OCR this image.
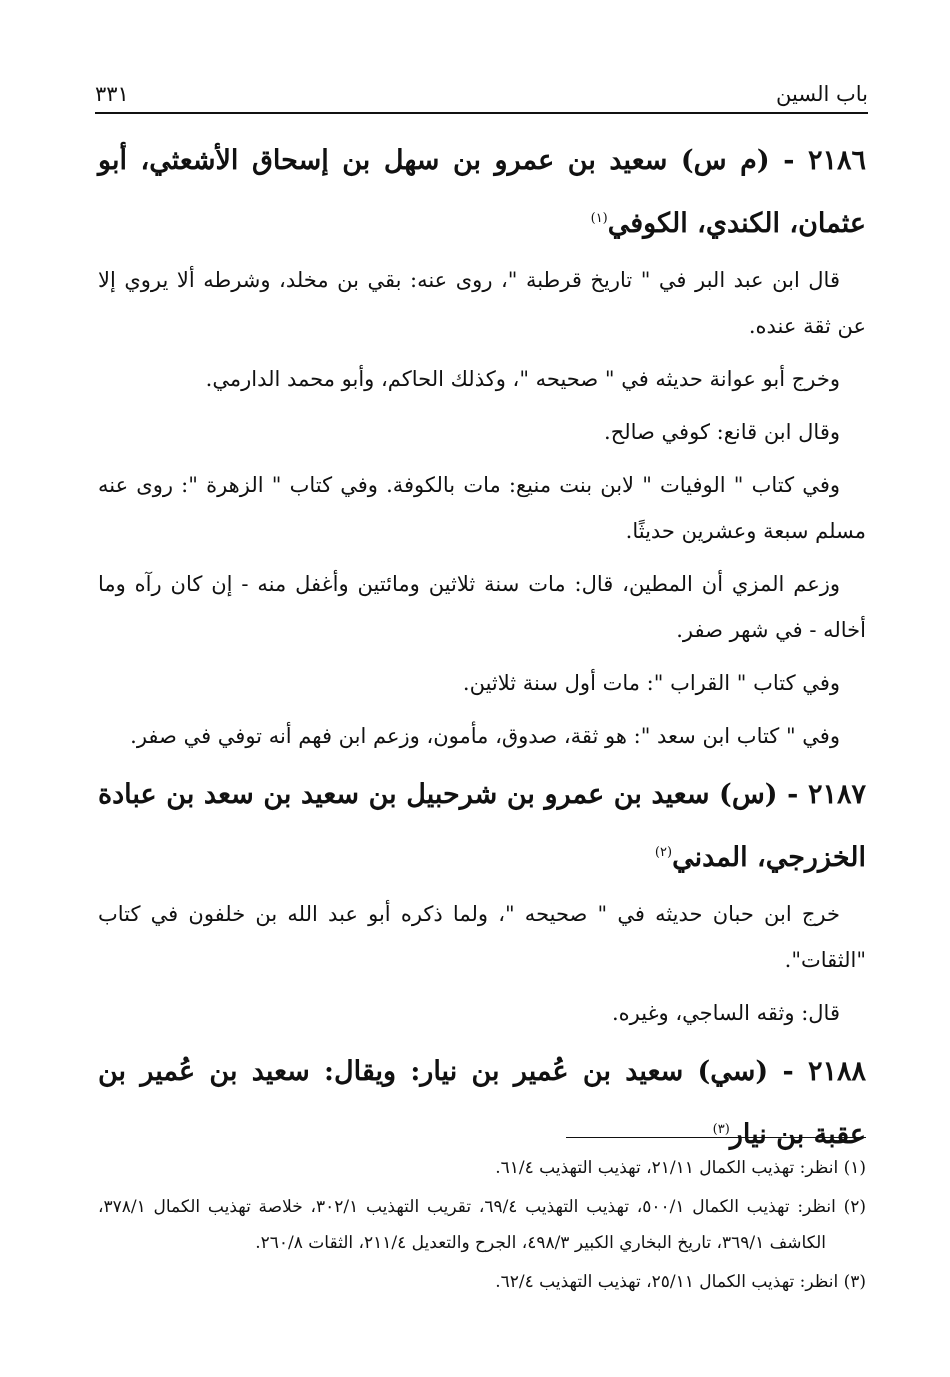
باب السين
٣٣١

٢١٨٦ - (م س) سعيد بن عمرو بن سهل بن إسحاق الأشعثي، أبو عثمان، الكندي، الكوفي$^{(١)}$

قال ابن عبد البر في " تاريخ قرطبة "، روى عنه: بقي بن مخلد، وشرطه ألا يروي إلا عن ثقة عنده.

وخرج أبو عوانة حديثه في " صحيحه "، وكذلك الحاكم، وأبو محمد الدارمي.

وقال ابن قانع: كوفي صالح.

وفي كتاب " الوفيات " لابن بنت منيع: مات بالكوفة. وفي كتاب " الزهرة ": روى عنه مسلم سبعة وعشرين حديثًا.

وزعم المزي أن المطين، قال: مات سنة ثلاثين ومائتين وأغفل منه - إن كان رآه وما أخاله - في شهر صفر.

وفي كتاب " القراب ": مات أول سنة ثلاثين.

وفي " كتاب ابن سعد ": هو ثقة، صدوق، مأمون، وزعم ابن فهم أنه توفي في صفر.

٢١٨٧ - (س) سعيد بن عمرو بن شرحبيل بن سعيد بن سعد بن عبادة الخزرجي، المدني$^{(٢)}$

خرج ابن حبان حديثه في " صحيحه "، ولما ذكره أبو عبد الله بن خلفون في كتاب "الثقات".

قال: وثقه الساجي، وغيره.

٢١٨٨ - (سي) سعيد بن عُمير بن نيار: ويقال: سعيد بن عُمير بن عقبة بن نيار$^{(٣)}$

(١) انظر: تهذيب الكمال ٢١/١١، تهذيب التهذيب ٦١/٤.

(٢) انظر: تهذيب الكمال ٥٠٠/١، تهذيب التهذيب ٦٩/٤، تقريب التهذيب ٣٠٢/١، خلاصة تهذيب الكمال ٣٧٨/١، الكاشف ٣٦٩/١، تاريخ البخاري الكبير ٤٩٨/٣، الجرح والتعديل ٢١١/٤، الثقات ٢٦٠/٨.

(٣) انظر: تهذيب الكمال ٢٥/١١، تهذيب التهذيب ٦٢/٤.
